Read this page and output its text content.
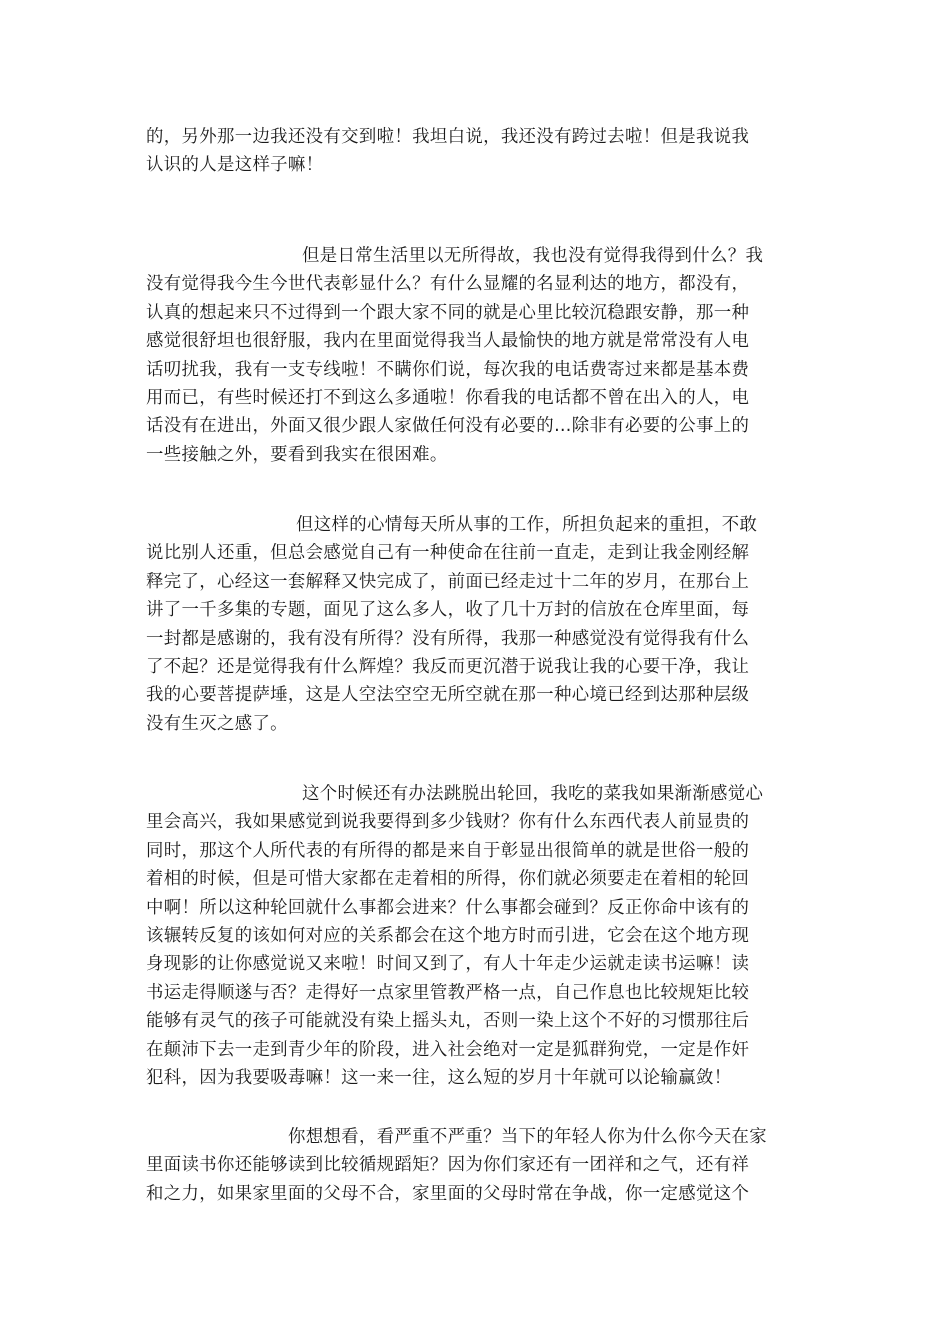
的，另外那一边我还没有交到啦！我坦白说，我还没有跨过去啦！但是我说我
认识的人是这样子嘛！
但是日常生活里以无所得故，我也没有觉得我得到什么？我
没有觉得我今生今世代表彰显什么？有什么显耀的名显利达的地方，都没有，
认真的想起来只不过得到一个跟大家不同的就是心里比较沉稳跟安静，那一种
感觉很舒坦也很舒服，我内在里面觉得我当人最愉快的地方就是常常没有人电
话叨扰我，我有一支专线啦！不瞒你们说，每次我的电话费寄过来都是基本费
用而已，有些时候还打不到这么多通啦！你看我的电话都不曾在出入的人，电
话没有在进出，外面又很少跟人家做任何没有必要的…除非有必要的公事上的
一些接触之外，要看到我实在很困难。
但这样的心情每天所从事的工作，所担负起来的重担，不敢
说比别人还重，但总会感觉自己有一种使命在往前一直走，走到让我金刚经解
释完了，心经这一套解释又快完成了，前面已经走过十二年的岁月，在那台上
讲了一千多集的专题，面见了这么多人，收了几十万封的信放在仓库里面，每
一封都是感谢的，我有没有所得？没有所得，我那一种感觉没有觉得我有什么
了不起？还是觉得我有什么辉煌？我反而更沉潜于说我让我的心要干净，我让
我的心要菩提萨埵，这是人空法空空无所空就在那一种心境已经到达那种层级
没有生灭之感了。
这个时候还有办法跳脱出轮回，我吃的菜我如果渐渐感觉心
里会高兴，我如果感觉到说我要得到多少钱财？你有什么东西代表人前显贵的
同时，那这个人所代表的有所得的都是来自于彰显出很简单的就是世俗一般的
着相的时候，但是可惜大家都在走着相的所得，你们就必须要走在着相的轮回
中啊！所以这种轮回就什么事都会进来？什么事都会碰到？反正你命中该有的
该辗转反复的该如何对应的关系都会在这个地方时而引进，它会在这个地方现
身现影的让你感觉说又来啦！时间又到了，有人十年走少运就走读书运嘛！读
书运走得顺遂与否？走得好一点家里管教严格一点，自己作息也比较规矩比较
能够有灵气的孩子可能就没有染上摇头丸，否则一染上这个不好的习惯那往后
在颠沛下去一走到青少年的阶段，进入社会绝对一定是狐群狗党，一定是作奸
犯科，因为我要吸毒嘛！这一来一往，这么短的岁月十年就可以论输赢敛！
你想想看，看严重不严重？当下的年轻人你为什么你今天在家
里面读书你还能够读到比较循规蹈矩？因为你们家还有一团祥和之气，还有祥
和之力，如果家里面的父母不合，家里面的父母时常在争战，你一定感觉这个
